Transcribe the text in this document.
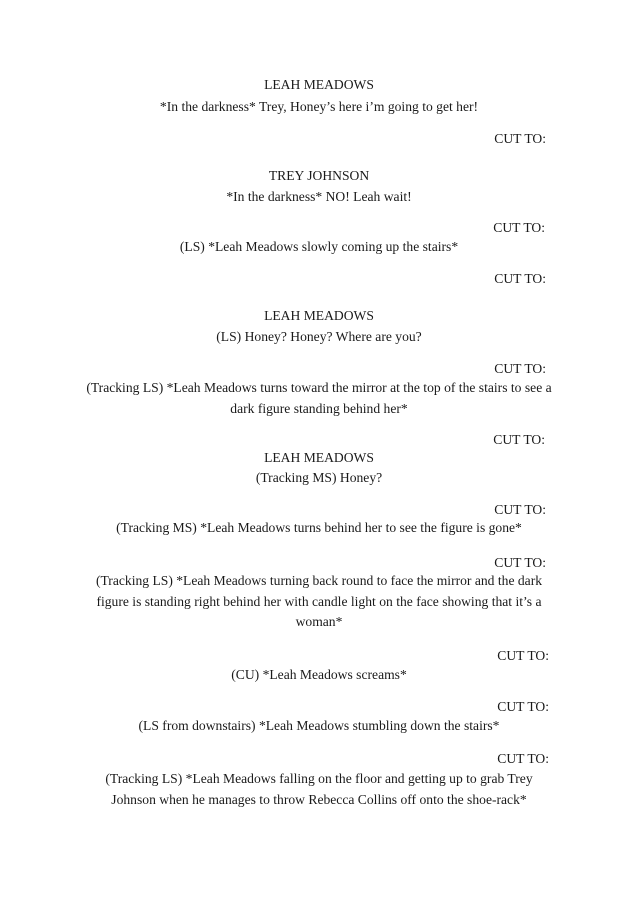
LEAH MEADOWS
*In the darkness* Trey, Honey’s here i’m going to get her!
CUT TO:
TREY JOHNSON
*In the darkness* NO! Leah wait!
CUT TO:
(LS) *Leah Meadows slowly coming up the stairs*
CUT TO:
LEAH MEADOWS
(LS) Honey? Honey? Where are you?
CUT TO:
(Tracking LS) *Leah Meadows turns toward the mirror at the top of the stairs to see a
dark figure standing behind her*
CUT TO:
LEAH MEADOWS
(Tracking MS) Honey?
CUT TO:
(Tracking MS) *Leah Meadows turns behind her to see the figure is gone*
CUT TO:
(Tracking LS) *Leah Meadows turning back round to face the mirror and the dark
figure is standing right behind her with candle light on the face showing that it’s a
woman*
CUT TO:
(CU) *Leah Meadows screams*
CUT TO:
(LS from downstairs) *Leah Meadows stumbling down the stairs*
CUT TO:
(Tracking LS) *Leah Meadows falling on the floor and getting up to grab Trey
Johnson when he manages to throw Rebecca Collins off onto the shoe-rack*
